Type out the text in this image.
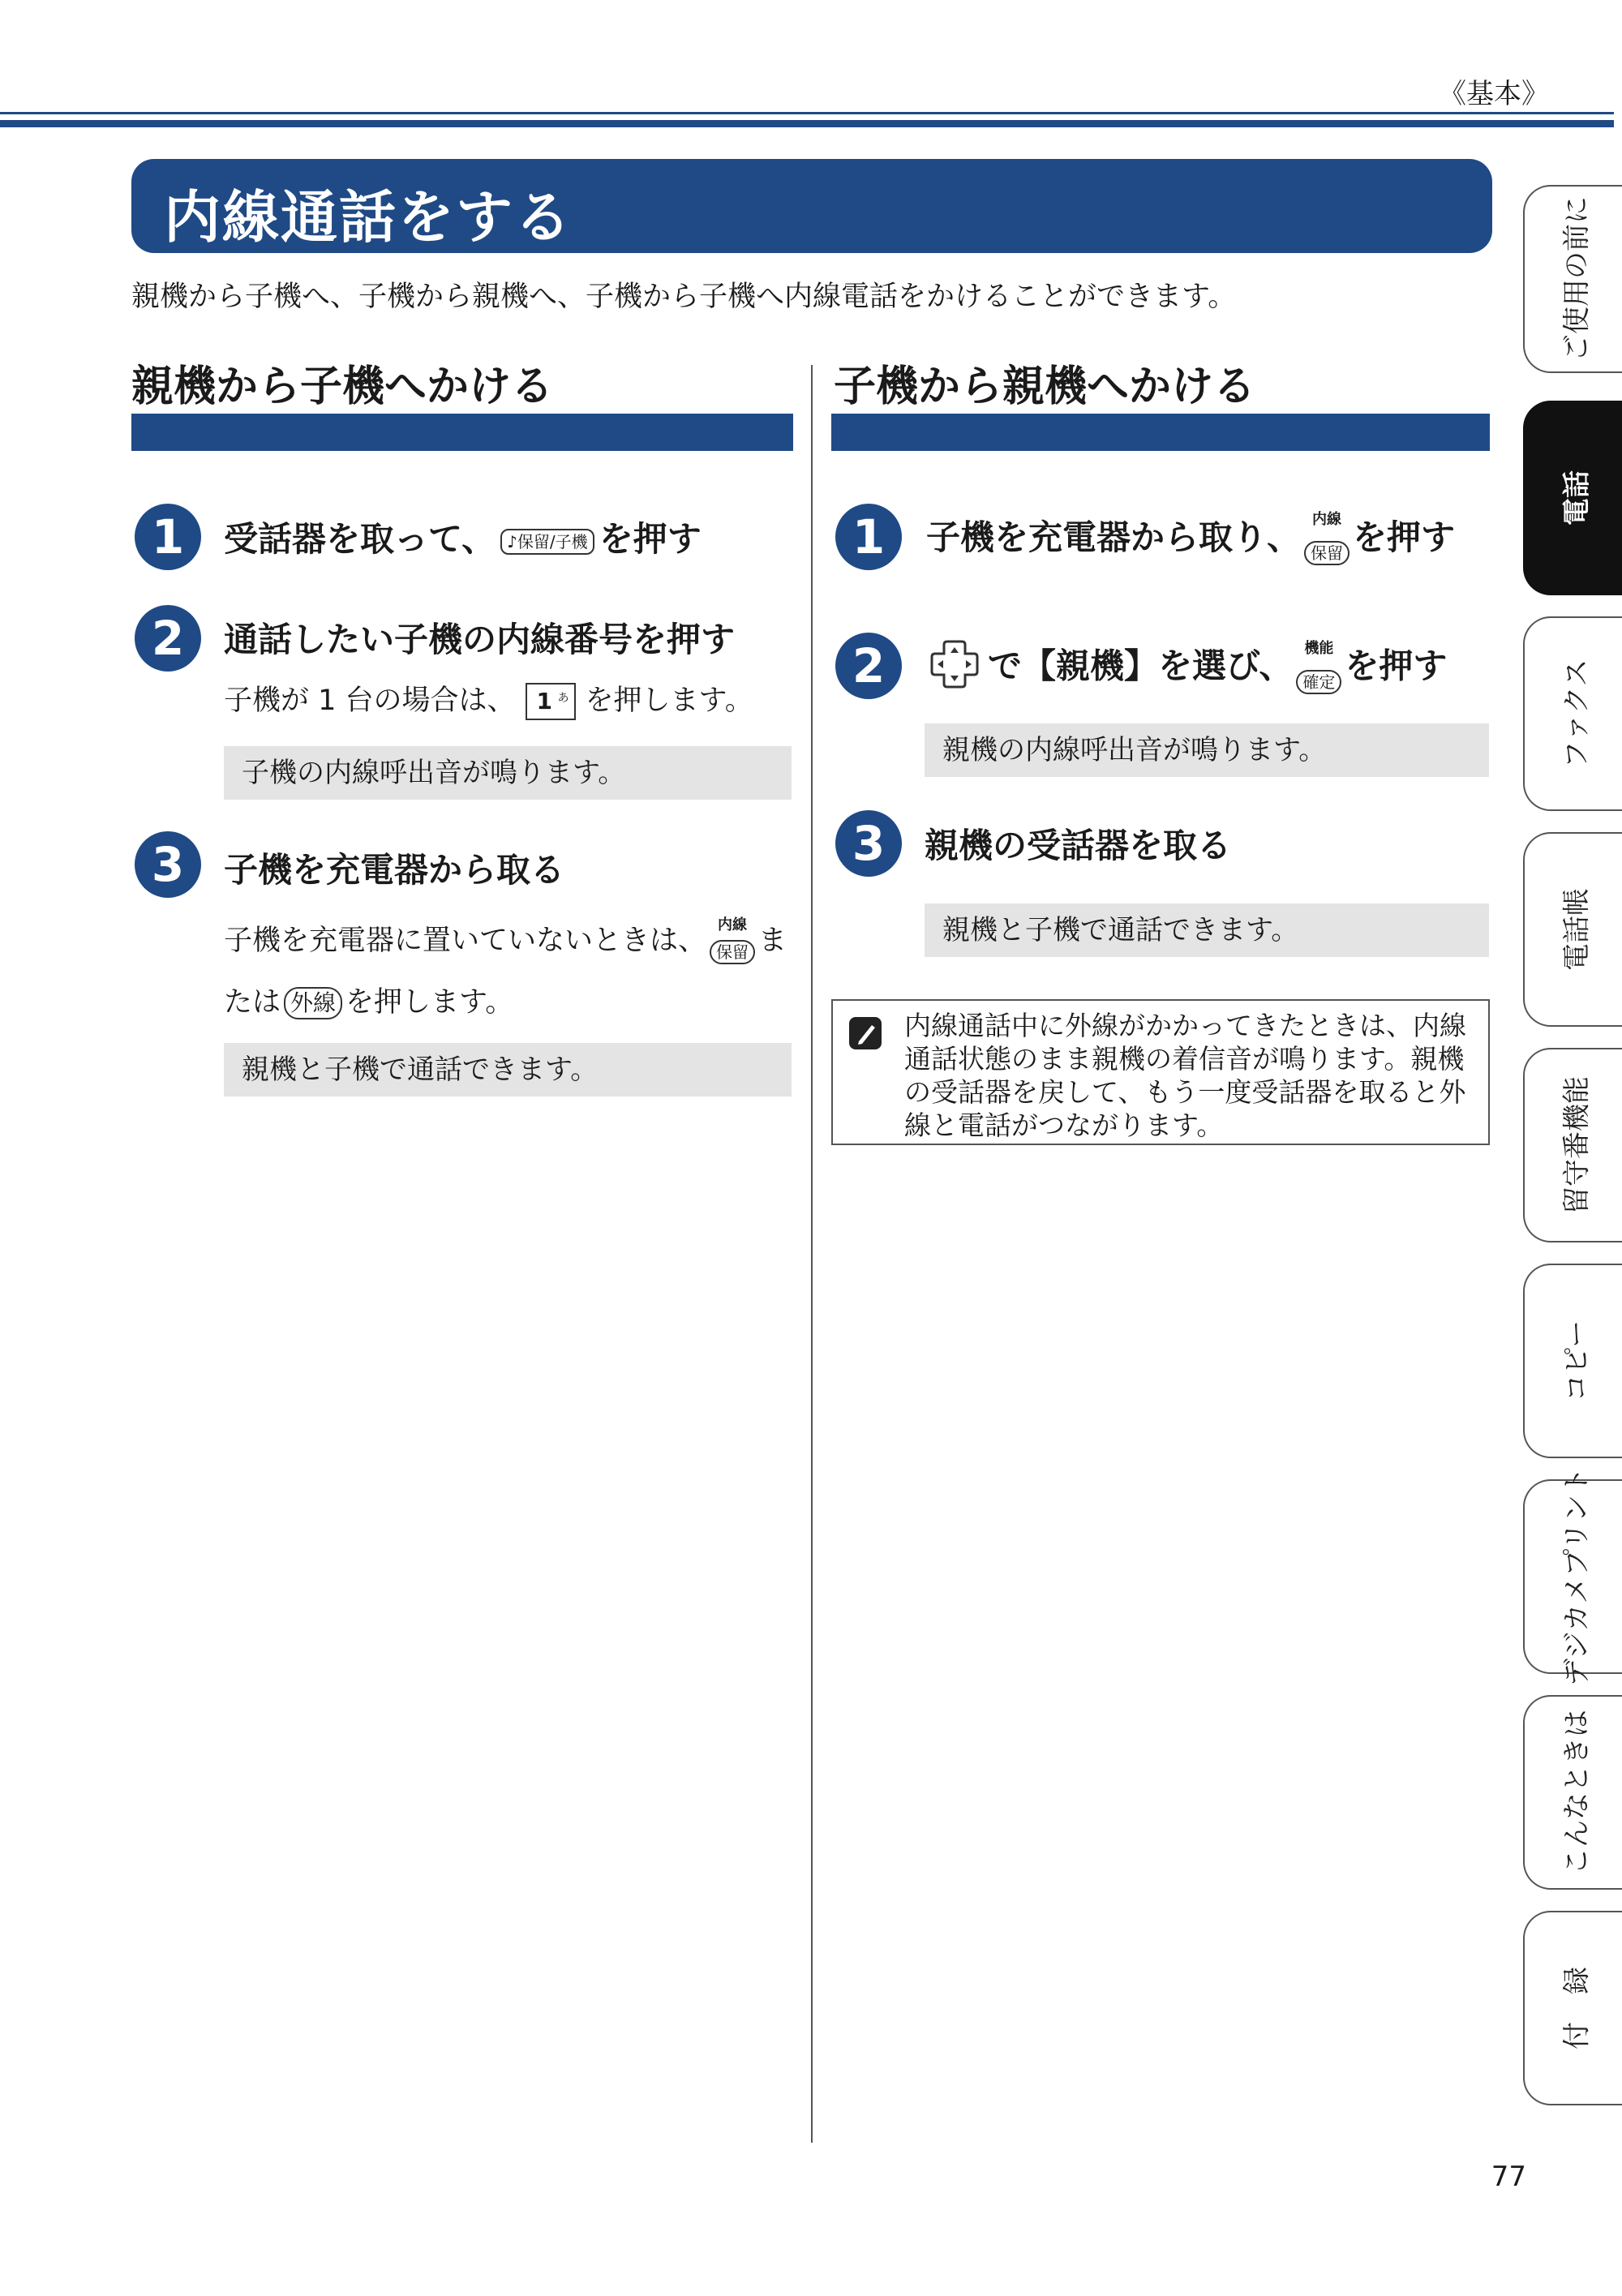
《基本》
内線通話をする
親機から子機へ、子機から親機へ、子機から子機へ内線電話をかけることができます。
親機から子機へかける
1	受話器を取って、 ♪保留/子機 を押す
2	通話したい子機の内線番号を押す
子機が 1 台の場合は、 1 あ を押します。
子機の内線呼出音が鳴ります。
3	子機を充電器から取る
子機を充電器に置いていないときは、 内線
保留 ま
たは 外線 を押します。
親機と子機で通話できます。
子機から親機へかける
1	子機を充電器から取り、 内線
保留 を押す
2	で【親機】を選び、 機能
確定 を押す
親機の内線呼出音が鳴ります。
3	親機の受話器を取る
親機と子機で通話できます。
内線通話中に外線がかかってきたときは、内線通話状態のまま親機の着信音が鳴ります。親機の受話器を戻して、もう一度受話器を取ると外線と電話がつながります。
ご使用の前に
電話
ファクス
電話帳
留守番機能
コピー
デジカメプリント
こんなときは
付　録
77
